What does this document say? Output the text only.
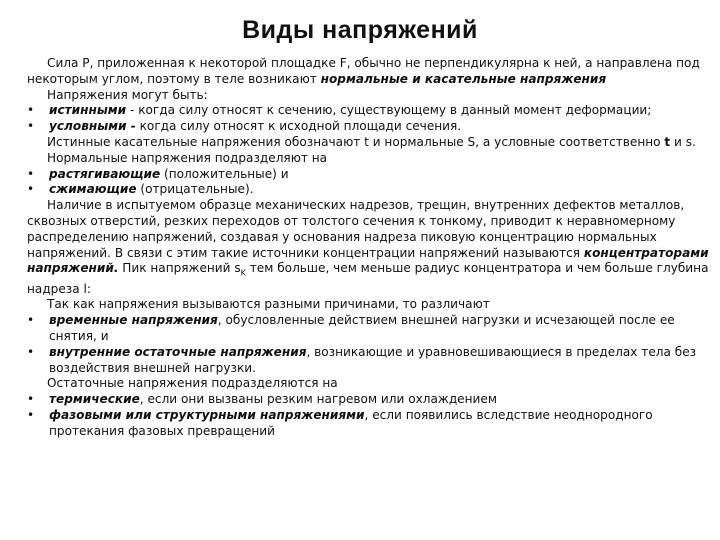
Виды напряжений

Сила P, приложенная к некоторой площадке F, обычно не перпендикулярна к ней, а направлена под некоторым углом, поэтому в теле возникают нормальные и касательные напряжения

Напряжения могут быть:

•	истинными - когда силу относят к сечению, существующему в данный момент деформации;

•	условными - когда силу относят к исходной площади сечения.

Истинные касательные напряжения обозначают t и нормальные S, а условные соответственно t и s.

Нормальные напряжения подразделяют на

•	растягивающие (положительные) и

•	сжимающие (отрицательные).

Наличие в испытуемом образце механических надрезов, трещин, внутренних дефектов металлов, сквозных отверстий, резких переходов от толстого сечения к тонкому, приводит к неравномерному распределению напряжений, создавая у основания надреза пиковую концентрацию нормальных напряжений. В связи с этим такие источники концентрации напряжений называются концентраторами напряжений. Пик напряжений $s_K$ тем больше, чем меньше радиус концентратора и чем больше глубина надреза l:

Так как напряжения вызываются разными причинами, то различают

•	временные напряжения, обусловленные действием внешней нагрузки и исчезающей после ее снятия, и

•	внутренние остаточные напряжения, возникающие и уравновешивающиеся в пределах тела без воздействия внешней нагрузки.

Остаточные напряжения подразделяются на

•	термические, если они вызваны резким нагревом или охлаждением

•	фазовыми или структурными напряжениями, если появились вследствие неоднородного протекания фазовых превращений
